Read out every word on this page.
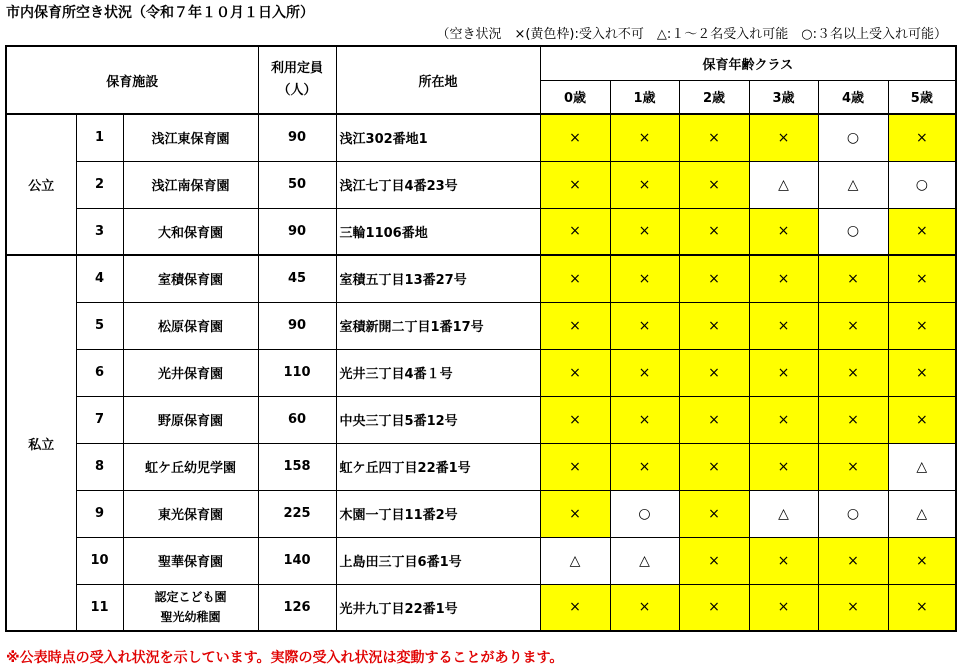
市内保育所空き状況（令和７年１０月１日入所）
（空き状況　×(黄色枠):受入れ不可　△:１～２名受入れ可能　○:３名以上受入れ可能）
保育施設			利用定員（人）	所在地	保育年齢クラス					
					0歳	1歳	2歳	3歳	4歳	5歳
公立	1	浅江東保育園	90	浅江302番地1	×	×	×	×	○	×
	2	浅江南保育園	50	浅江七丁目4番23号	×	×	×	△	△	○
	3	大和保育園	90	三輪1106番地	×	×	×	×	○	×
私立	4	室積保育園	45	室積五丁目13番27号	×	×	×	×	×	×
	5	松原保育園	90	室積新開二丁目1番17号	×	×	×	×	×	×
	6	光井保育園	110	光井三丁目4番１号	×	×	×	×	×	×
	7	野原保育園	60	中央三丁目5番12号	×	×	×	×	×	×
	8	虹ケ丘幼児学園	158	虹ケ丘四丁目22番1号	×	×	×	×	×	△
	9	東光保育園	225	木園一丁目11番2号	×	○	×	△	○	△
	10	聖華保育園	140	上島田三丁目6番1号	△	△	×	×	×	×
	11	認定こども園
聖光幼稚園	126	光井九丁目22番1号	×	×	×	×	×	×
※公表時点の受入れ状況を示しています。実際の受入れ状況は変動することがあります。
